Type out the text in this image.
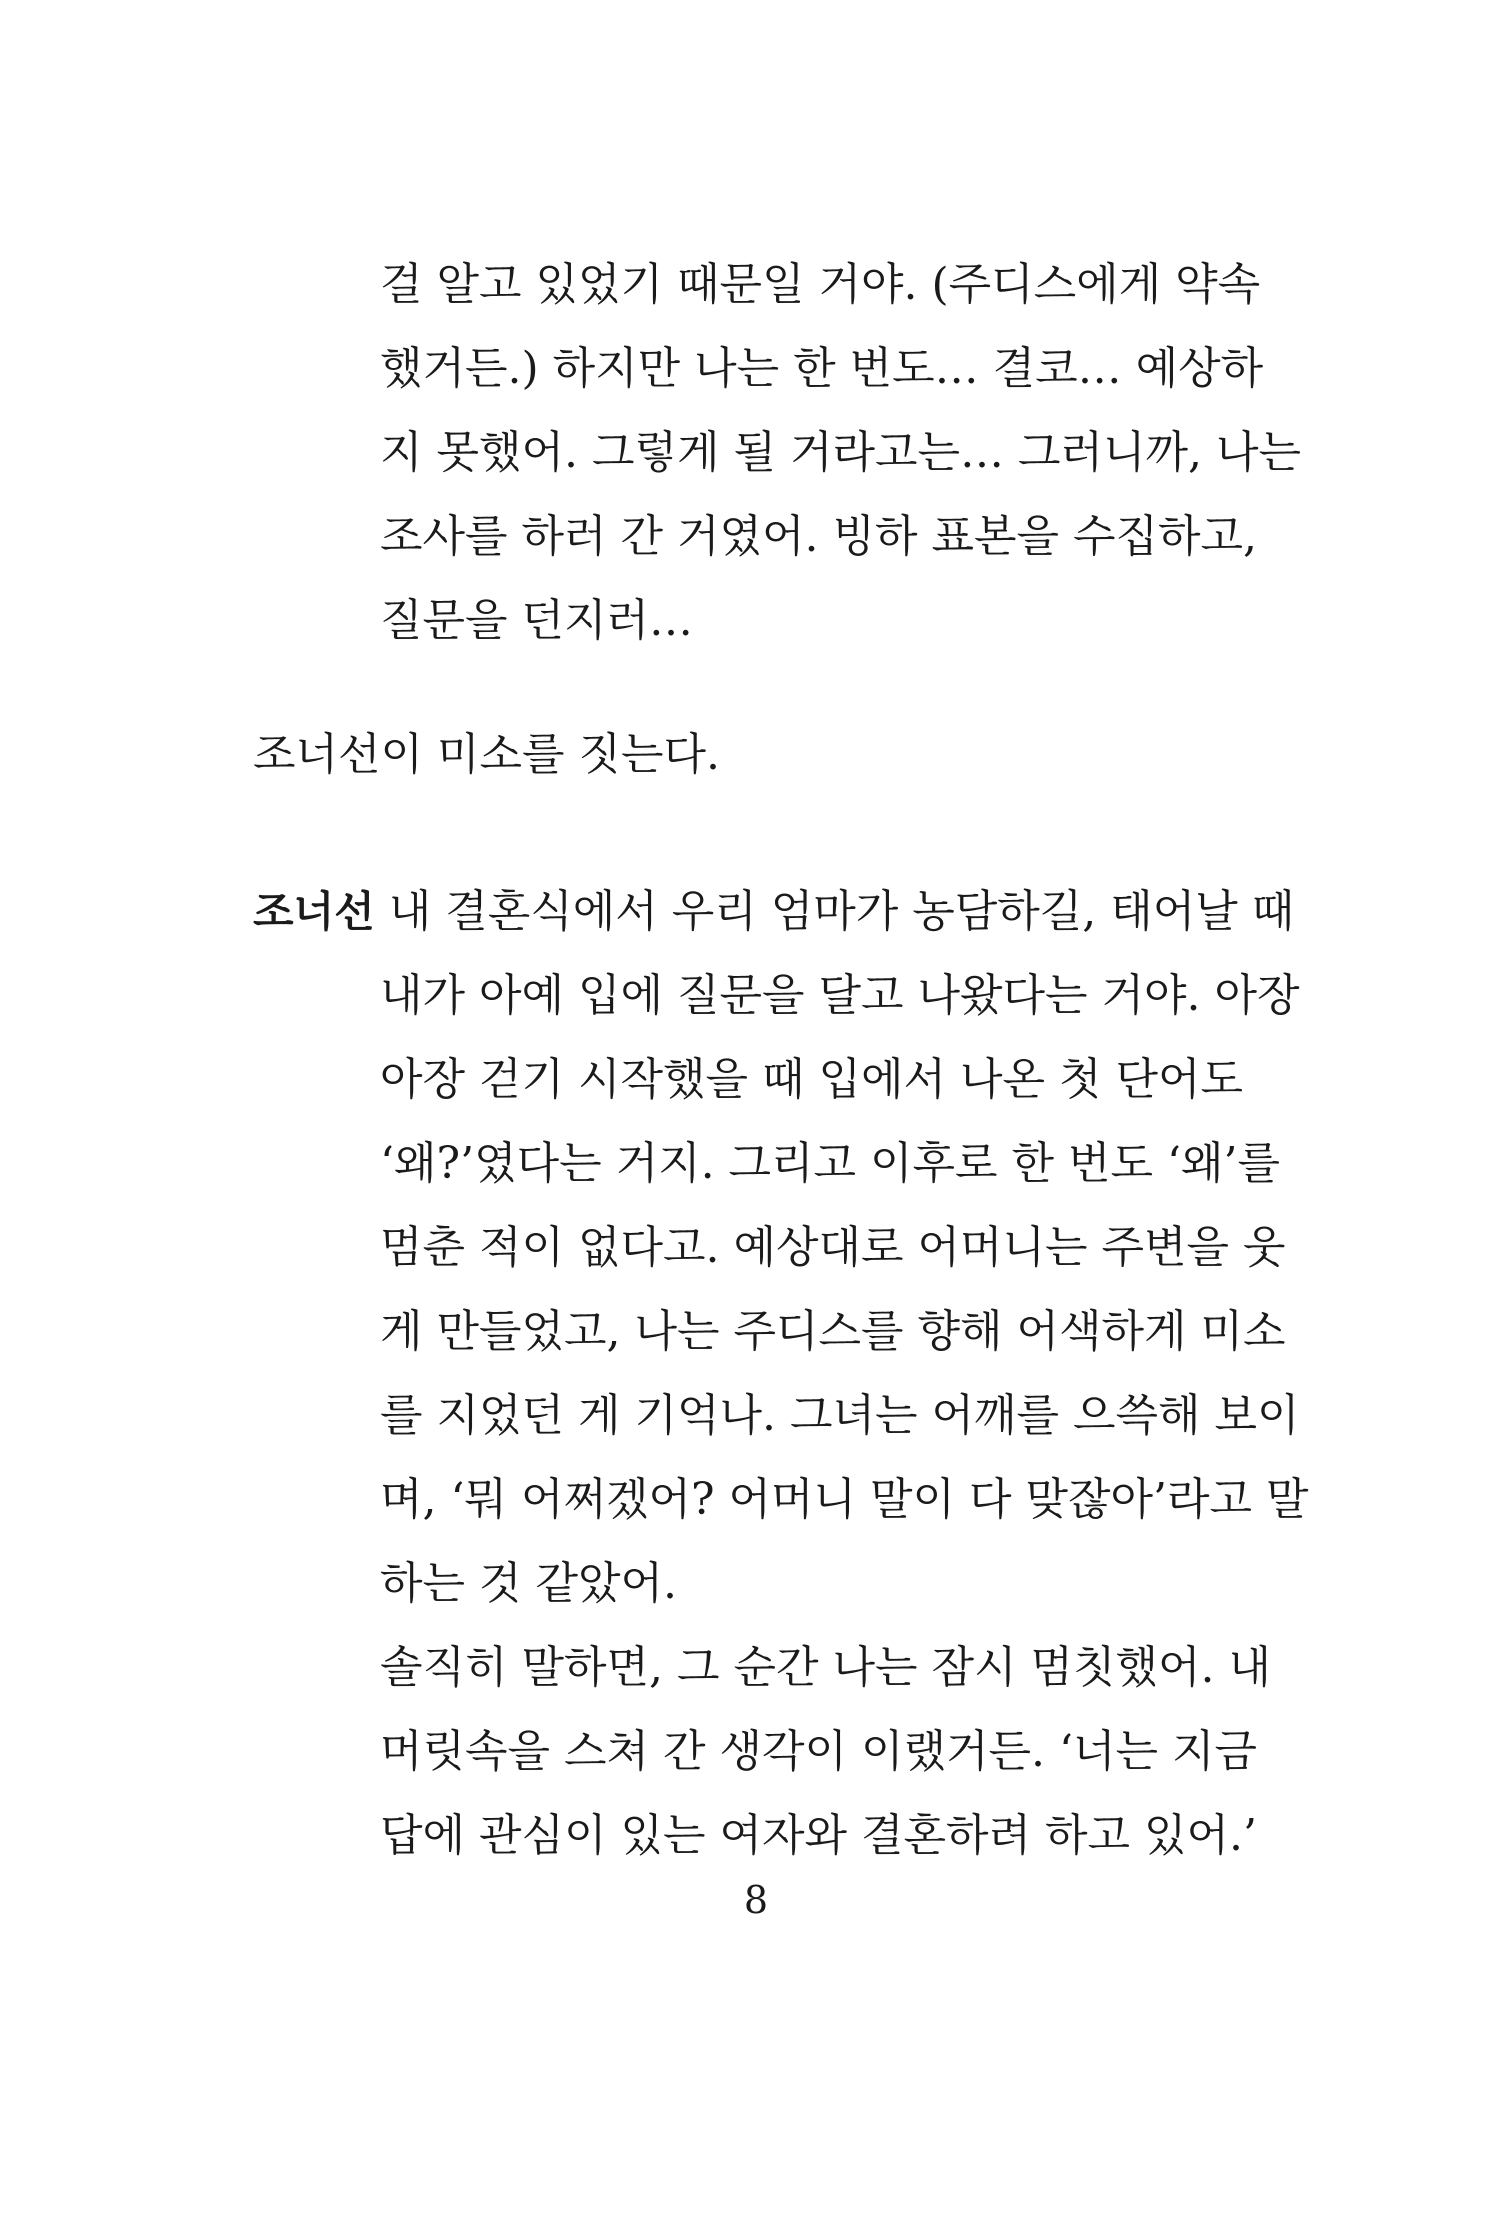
걸 알고 있었기 때문일 거야. (주디스에게 약속
했거든.) 하지만 나는 한 번도… 결코… 예상하
지 못했어. 그렇게 될 거라고는… 그러니까, 나는
조사를 하러 간 거였어. 빙하 표본을 수집하고,
질문을 던지러…
조너선이 미소를 짓는다.
조너선 내 결혼식에서 우리 엄마가 농담하길, 태어날 때
내가 아예 입에 질문을 달고 나왔다는 거야. 아장
아장 걷기 시작했을 때 입에서 나온 첫 단어도
‘왜?’였다는 거지. 그리고 이후로 한 번도 ‘왜’를
멈춘 적이 없다고. 예상대로 어머니는 주변을 웃
게 만들었고, 나는 주디스를 향해 어색하게 미소
를 지었던 게 기억나. 그녀는 어깨를 으쓱해 보이
며, ‘뭐 어쩌겠어? 어머니 말이 다 맞잖아’라고 말
하는 것 같았어.
솔직히 말하면, 그 순간 나는 잠시 멈칫했어. 내
머릿속을 스쳐 간 생각이 이랬거든. ‘너는 지금
답에 관심이 있는 여자와 결혼하려 하고 있어.’
8
